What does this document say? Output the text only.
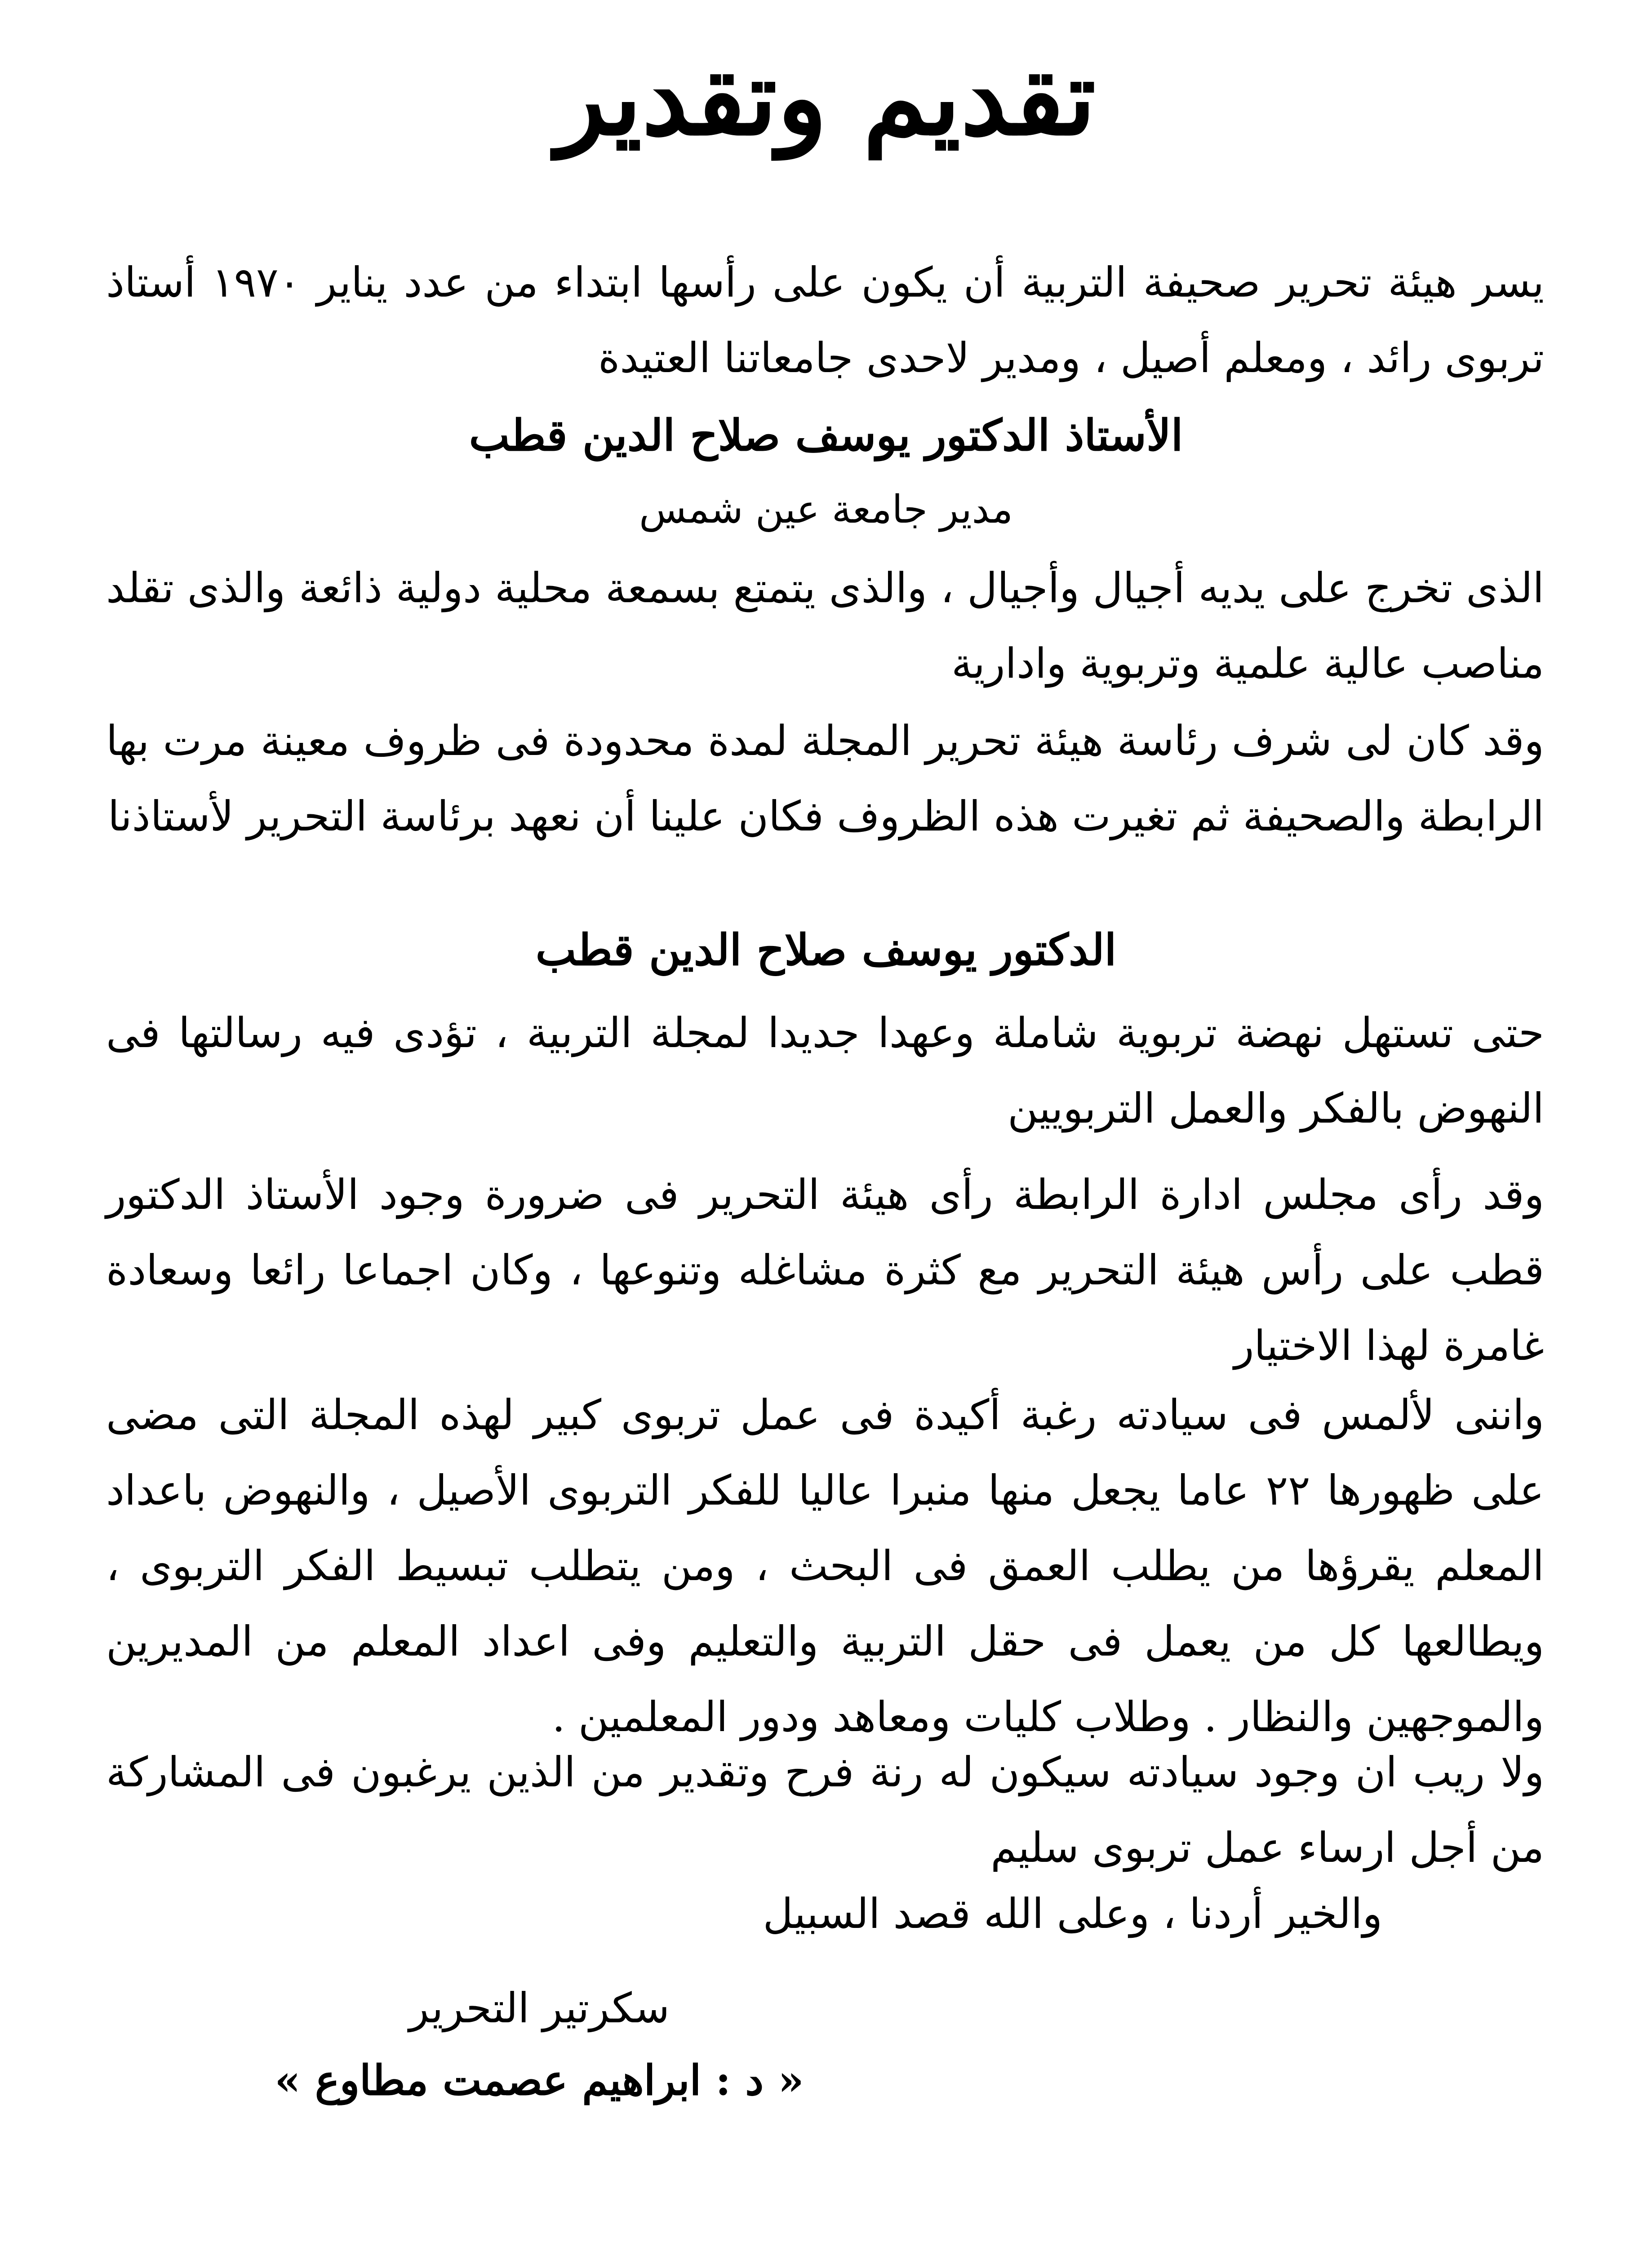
تقديم وتقدير
يسر هيئة تحرير صحيفة التربية أن يكون على رأسها ابتداء من عدد يناير ١٩٧٠ أستاذ تربوى رائد ، ومعلم أصيل ، ومدير لاحدى جامعاتنا العتيدة
الأستاذ الدكتور يوسف صلاح الدين قطب
مدير جامعة عين شمس
الذى تخرج على يديه أجيال وأجيال ، والذى يتمتع بسمعة محلية دولية ذائعة والذى تقلد مناصب عالية علمية وتربوية وادارية
وقد كان لى شرف رئاسة هيئة تحرير المجلة لمدة محدودة فى ظروف معينة مرت بها الرابطة والصحيفة ثم تغيرت هذه الظروف فكان علينا أن نعهد برئاسة التحرير لأستاذنا
الدكتور يوسف صلاح الدين قطب
حتى تستهل نهضة تربوية شاملة وعهدا جديدا لمجلة التربية ، تؤدى فيه رسالتها فى النهوض بالفكر والعمل التربويين
وقد رأى مجلس ادارة الرابطة رأى هيئة التحرير فى ضرورة وجود الأستاذ الدكتور قطب على رأس هيئة التحرير مع كثرة مشاغله وتنوعها ، وكان اجماعا رائعا وسعادة غامرة لهذا الاختيار
واننى لألمس فى سيادته رغبة أكيدة فى عمل تربوى كبير لهذه المجلة التى مضى على ظهورها ٢٢ عاما يجعل منها منبرا عاليا للفكر التربوى الأصيل ، والنهوض باعداد المعلم يقرؤها من يطلب العمق فى البحث ، ومن يتطلب تبسيط الفكر التربوى ، ويطالعها كل من يعمل فى حقل التربية والتعليم وفى اعداد المعلم من المديرين والموجهين والنظار . وطلاب كليات ومعاهد ودور المعلمين .
ولا ريب ان وجود سيادته سيكون له رنة فرح وتقدير من الذين يرغبون فى المشاركة من أجل ارساء عمل تربوى سليم
والخير أردنا ، وعلى الله قصد السبيل
سكرتير التحرير
« د : ابراهيم عصمت مطاوع »
